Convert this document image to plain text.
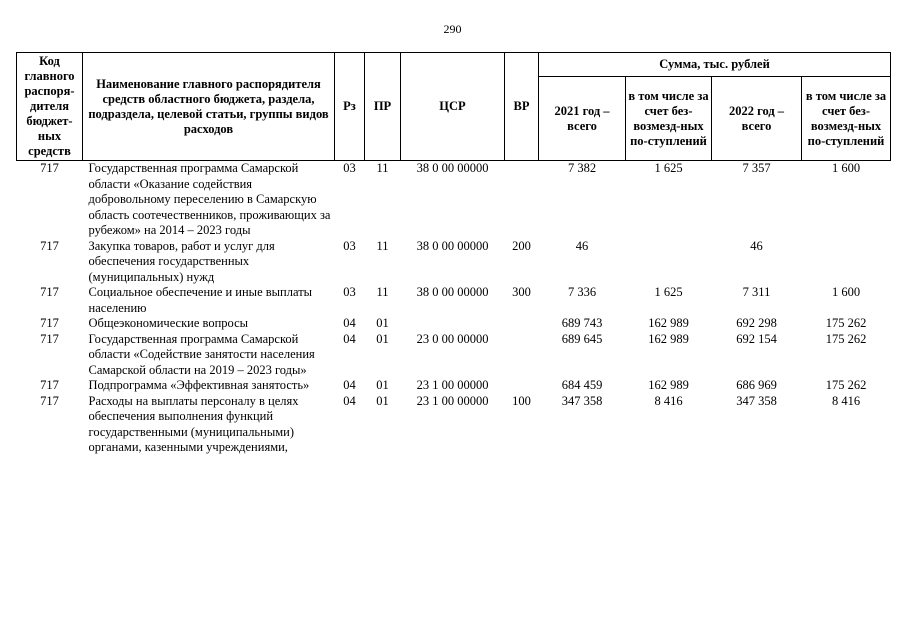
290
Код главного распоря-дителя бюджет-ных средств	Наименование главного распорядителя средств областного бюджета, раздела, подраздела, целевой статьи, группы видов расходов	Рз	ПР	ЦСР	ВР	Сумма, тыс. рублей			
						2021 год – всего	в том числе за счет без-возмезд-ных по-ступлений	2022 год – всего	в том числе за счет без-возмезд-ных по-ступлений
717	Государственная программа Самарской области «Оказание содействия добровольному переселению в Самарскую область соотечественников, проживающих за рубежом» на 2014 – 2023 годы	03	11	38 0 00 00000		7 382	1 625	7 357	1 600
717	Закупка товаров, работ и услуг для обеспечения государственных (муниципальных) нужд	03	11	38 0 00 00000	200	46		46	
717	Социальное обеспечение и иные выплаты населению	03	11	38 0 00 00000	300	7 336	1 625	7 311	1 600
717	Общеэкономические вопросы	04	01			689 743	162 989	692 298	175 262
717	Государственная программа Самарской области «Содействие занятости населения Самарской области на 2019 – 2023 годы»	04	01	23 0 00 00000		689 645	162 989	692 154	175 262
717	Подпрограмма «Эффективная занятость»	04	01	23 1 00 00000		684 459	162 989	686 969	175 262
717	Расходы на выплаты персоналу в целях обеспечения выполнения функций государственными (муниципальными) органами, казенными учреждениями,	04	01	23 1 00 00000	100	347 358	8 416	347 358	8 416
